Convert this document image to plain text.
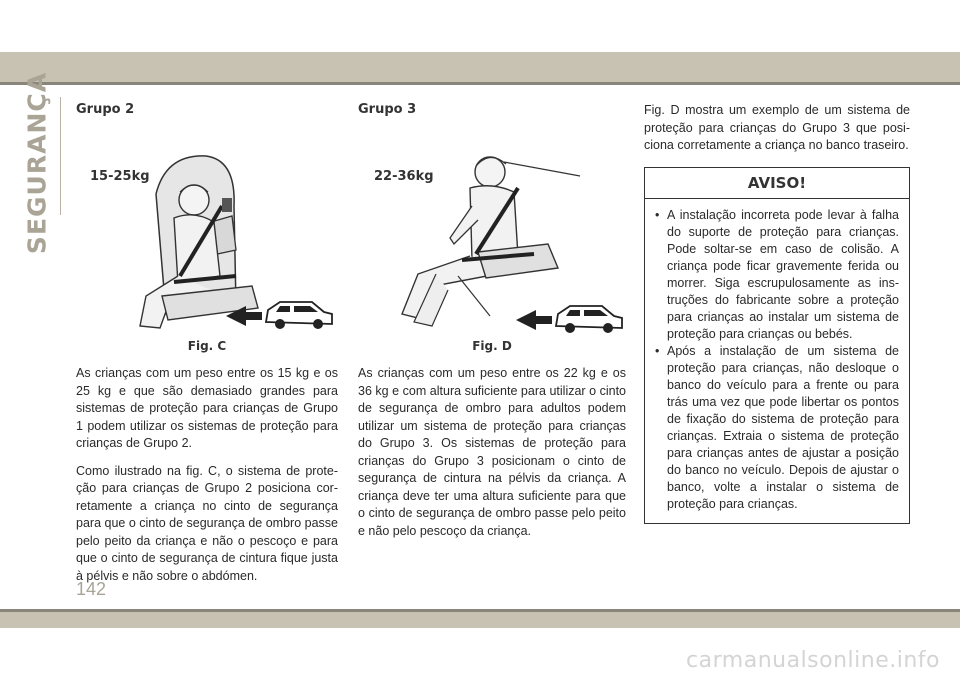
SEGURANÇA Grupo 2
15-25kg
Fig. C

As crianças com um peso entre os 15 kg e os 25 kg e que são demasiado grandes para sistemas de proteção para crianças de Grupo 1 podem utilizar os sistemas de proteção para crianças de Grupo 2.

Como ilustrado na fig. C, o sistema de prote-ção para crianças de Grupo 2 posiciona cor-retamente a criança no cinto de segurança para que o cinto de segurança de ombro passe pelo peito da criança e não o pescoço e para que o cinto de segurança de cintura fique justa à pélvis e não sobre o abdómen.

Grupo 3
22-36kg
Fig. D

As crianças com um peso entre os 22 kg e os 36 kg e com altura suficiente para utilizar o cinto de segurança de ombro para adultos podem utilizar um sistema de proteção para crianças do Grupo 3. Os sistemas de proteção para crianças do Grupo 3 posicionam o cinto de segurança de cintura na pélvis da criança. A criança deve ter uma altura suficiente para que o cinto de segurança de ombro passe pelo peito e não pelo pescoço da criança.

Fig. D mostra um exemplo de um sistema de proteção para crianças do Grupo 3 que posi-ciona corretamente a criança no banco traseiro.

AVISO!
• A instalação incorreta pode levar à falha do suporte de proteção para crianças. Pode soltar-se em caso de colisão. A criança pode ficar gravemente ferida ou morrer. Siga escrupulosamente as ins-truções do fabricante sobre a proteção para crianças ao instalar um sistema de proteção para crianças ou bebés.
• Após a instalação de um sistema de proteção para crianças, não desloque o banco do veículo para a frente ou para trás uma vez que pode libertar os pontos de fixação do sistema de proteção para crianças. Extraia o sistema de proteção para crianças antes de ajustar a posição do banco no veículo. Depois de ajustar o banco, volte a instalar o sistema de proteção para crianças.
142
carmanualsonline.info
